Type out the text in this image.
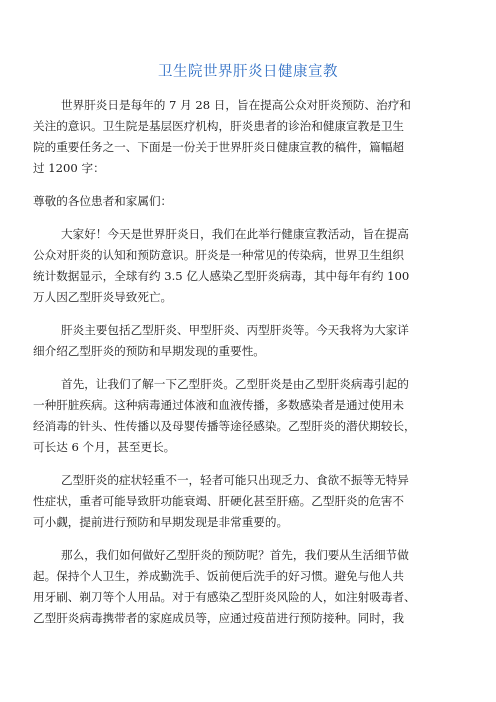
卫生院世界肝炎日健康宣教
世界肝炎日是每年的 7 月 28 日，旨在提高公众对肝炎预防、治疗和
关注的意识。卫生院是基层医疗机构，肝炎患者的诊治和健康宣教是卫生
院的重要任务之一、下面是一份关于世界肝炎日健康宣教的稿件，篇幅超
过 1200 字：
尊敬的各位患者和家属们：
大家好！今天是世界肝炎日，我们在此举行健康宣教活动，旨在提高
公众对肝炎的认知和预防意识。肝炎是一种常见的传染病，世界卫生组织
统计数据显示，全球有约 3.5 亿人感染乙型肝炎病毒，其中每年有约 100
万人因乙型肝炎导致死亡。
肝炎主要包括乙型肝炎、甲型肝炎、丙型肝炎等。今天我将为大家详
细介绍乙型肝炎的预防和早期发现的重要性。
首先，让我们了解一下乙型肝炎。乙型肝炎是由乙型肝炎病毒引起的
一种肝脏疾病。这种病毒通过体液和血液传播，多数感染者是通过使用未
经消毒的针头、性传播以及母婴传播等途径感染。乙型肝炎的潜伏期较长，
可长达 6 个月，甚至更长。
乙型肝炎的症状轻重不一，轻者可能只出现乏力、食欲不振等无特异
性症状，重者可能导致肝功能衰竭、肝硬化甚至肝癌。乙型肝炎的危害不
可小觑，提前进行预防和早期发现是非常重要的。
那么，我们如何做好乙型肝炎的预防呢？首先，我们要从生活细节做
起。保持个人卫生，养成勤洗手、饭前便后洗手的好习惯。避免与他人共
用牙刷、剃刀等个人用品。对于有感染乙型肝炎风险的人，如注射吸毒者、
乙型肝炎病毒携带者的家庭成员等，应通过疫苗进行预防接种。同时，我
